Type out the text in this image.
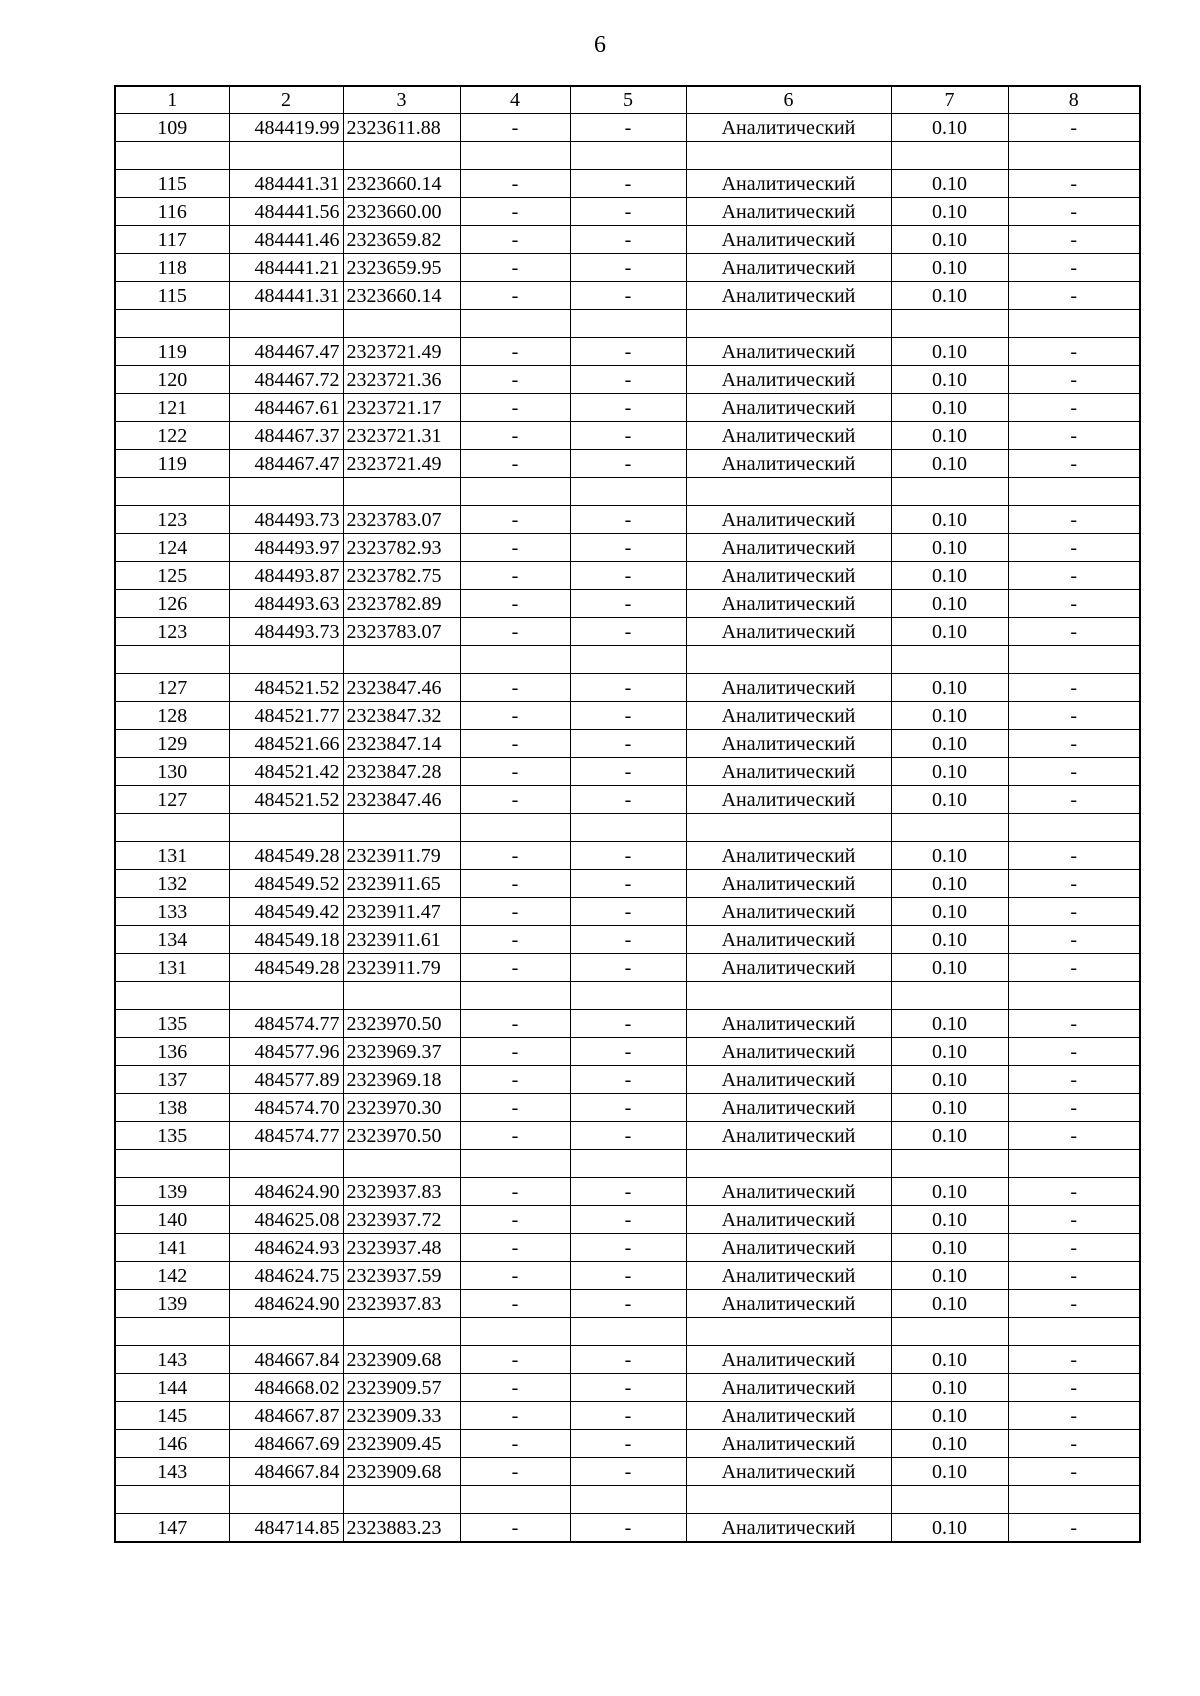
6
1	2	3	4	5	6	7	8
109	484419.99	2323611.88	-	-	Аналитический	0.10	-

115	484441.31	2323660.14	-	-	Аналитический	0.10	-
116	484441.56	2323660.00	-	-	Аналитический	0.10	-
117	484441.46	2323659.82	-	-	Аналитический	0.10	-
118	484441.21	2323659.95	-	-	Аналитический	0.10	-
115	484441.31	2323660.14	-	-	Аналитический	0.10	-

119	484467.47	2323721.49	-	-	Аналитический	0.10	-
120	484467.72	2323721.36	-	-	Аналитический	0.10	-
121	484467.61	2323721.17	-	-	Аналитический	0.10	-
122	484467.37	2323721.31	-	-	Аналитический	0.10	-
119	484467.47	2323721.49	-	-	Аналитический	0.10	-

123	484493.73	2323783.07	-	-	Аналитический	0.10	-
124	484493.97	2323782.93	-	-	Аналитический	0.10	-
125	484493.87	2323782.75	-	-	Аналитический	0.10	-
126	484493.63	2323782.89	-	-	Аналитический	0.10	-
123	484493.73	2323783.07	-	-	Аналитический	0.10	-

127	484521.52	2323847.46	-	-	Аналитический	0.10	-
128	484521.77	2323847.32	-	-	Аналитический	0.10	-
129	484521.66	2323847.14	-	-	Аналитический	0.10	-
130	484521.42	2323847.28	-	-	Аналитический	0.10	-
127	484521.52	2323847.46	-	-	Аналитический	0.10	-

131	484549.28	2323911.79	-	-	Аналитический	0.10	-
132	484549.52	2323911.65	-	-	Аналитический	0.10	-
133	484549.42	2323911.47	-	-	Аналитический	0.10	-
134	484549.18	2323911.61	-	-	Аналитический	0.10	-
131	484549.28	2323911.79	-	-	Аналитический	0.10	-

135	484574.77	2323970.50	-	-	Аналитический	0.10	-
136	484577.96	2323969.37	-	-	Аналитический	0.10	-
137	484577.89	2323969.18	-	-	Аналитический	0.10	-
138	484574.70	2323970.30	-	-	Аналитический	0.10	-
135	484574.77	2323970.50	-	-	Аналитический	0.10	-

139	484624.90	2323937.83	-	-	Аналитический	0.10	-
140	484625.08	2323937.72	-	-	Аналитический	0.10	-
141	484624.93	2323937.48	-	-	Аналитический	0.10	-
142	484624.75	2323937.59	-	-	Аналитический	0.10	-
139	484624.90	2323937.83	-	-	Аналитический	0.10	-

143	484667.84	2323909.68	-	-	Аналитический	0.10	-
144	484668.02	2323909.57	-	-	Аналитический	0.10	-
145	484667.87	2323909.33	-	-	Аналитический	0.10	-
146	484667.69	2323909.45	-	-	Аналитический	0.10	-
143	484667.84	2323909.68	-	-	Аналитический	0.10	-

147	484714.85	2323883.23	-	-	Аналитический	0.10	-
